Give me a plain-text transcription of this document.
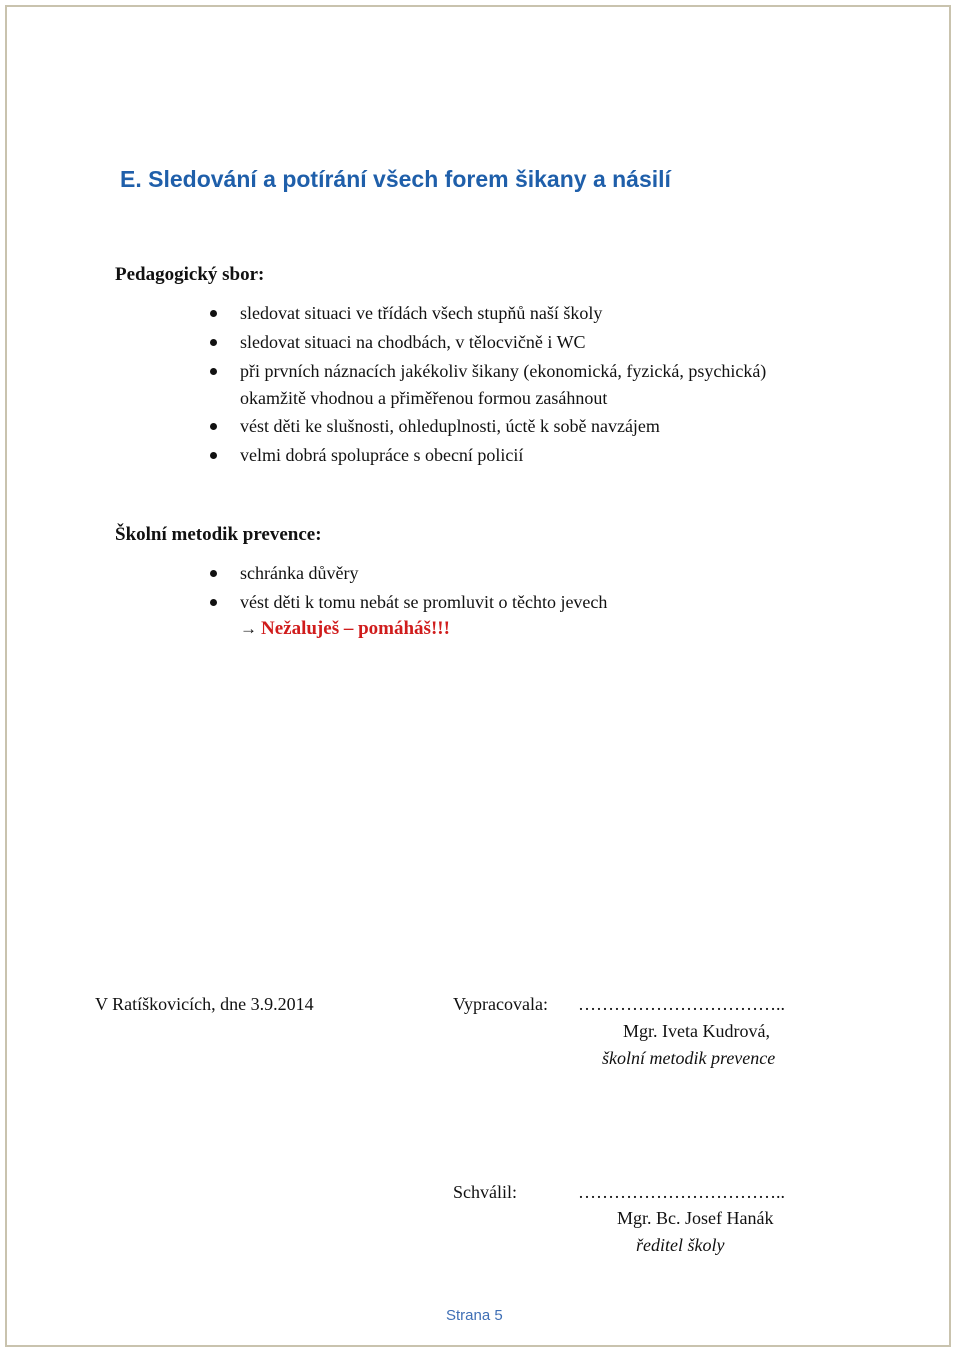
E. Sledování a potírání všech forem šikany a násilí
Pedagogický sbor:
sledovat situaci ve třídách všech stupňů naší školy
sledovat situaci na chodbách, v tělocvičně i WC
při prvních náznacích jakékoliv šikany (ekonomická, fyzická, psychická)
okamžitě vhodnou a přiměřenou formou zasáhnout
vést děti ke slušnosti, ohleduplnosti, úctě k sobě navzájem
velmi dobrá spolupráce s obecní policií
Školní metodik prevence:
schránka důvěry
vést děti k tomu nebát se promluvit o těchto jevech
→ Nežaluješ – pomáháš!!!
V Ratíškovicích, dne 3.9.2014	Vypracovala: ……………………………..
Mgr. Iveta Kudrová,
školní metodik prevence
Schválil:	……………………………..
Mgr. Bc. Josef Hanák
ředitel školy
Strana 5
